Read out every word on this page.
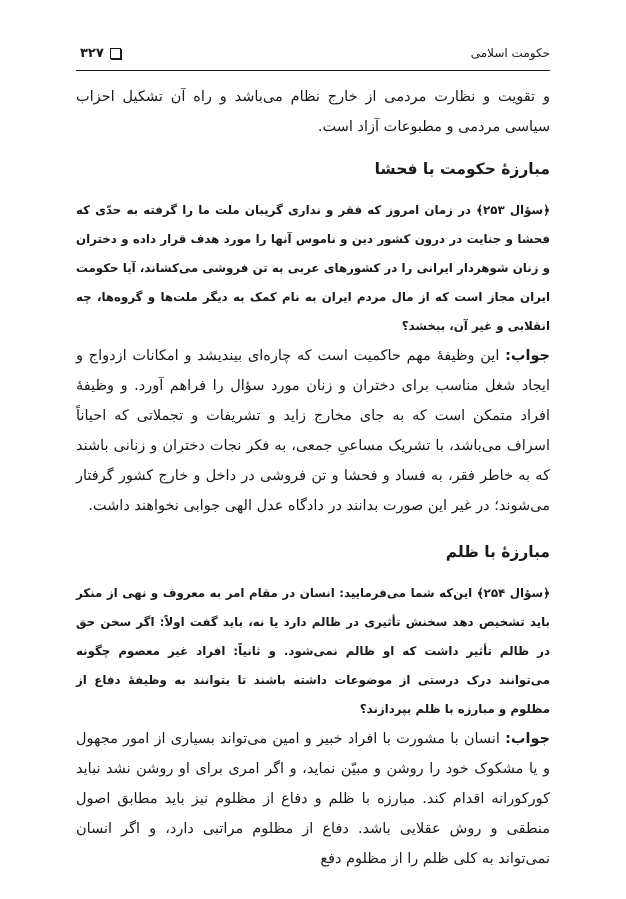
حکومت اسلامی
۳۲۷

و تقویت و نظارت مردمی از خارج نظام می‌باشد و راه آن تشکیل احزاب سیاسی مردمی و مطبوعات آزاد است.

مبارزهٔ حکومت با فحشا

﴿سؤال ۲۵۳﴾ در زمان امروز که فقر و نداری گریبان ملت ما را گرفته به حدّی که فحشا و جنایت در درون کشور دین و ناموس آنها را مورد هدف قرار داده و دختران و زنان شوهردار ایرانی را در کشورهای عربی به تن فروشی می‌کشاند، آیا حکومت ایران مجاز است که از مال مردم ایران به نام کمک به دیگر ملت‌ها و گروه‌ها، چه انقلابی و غیر آن، ببخشد؟

جواب: این وظیفهٔ مهم حاکمیت است که چاره‌ای بیندیشد و امکانات ازدواج و ایجاد شغل مناسب برای دختران و زنان مورد سؤال را فراهم آورد. و وظیفهٔ افراد متمکن است که به جای مخارج زاید و تشریفات و تجملاتی که احیاناً اسراف می‌باشد، با تشریک مساعیِ جمعی، به فکر نجات دختران و زنانی باشند که به خاطر فقر، به فساد و فحشا و تن فروشی در داخل و خارج کشور گرفتار می‌شوند؛ در غیر این صورت بدانند در دادگاه عدل الهی جوابی نخواهند داشت.

مبارزهٔ با ظلم

﴿سؤال ۲۵۴﴾ این‌که شما می‌فرمایید: انسان در مقام امر به معروف و نهی از منکر باید تشخیص دهد سخنش تأثیری در ظالم دارد یا نه، باید گفت اولاً: اگر سخن حق در ظالم تأثیر داشت که او ظالم نمی‌شود. و ثانیاً: افراد غیر معصوم چگونه می‌توانند درک درستی از موضوعات داشته باشند تا بتوانند به وظیفهٔ دفاع از مظلوم و مبارزه با ظلم بپردازند؟

جواب: انسان با مشورت با افراد خبیر و امین می‌تواند بسیاری از امور مجهول و یا مشکوک خود را روشن و مبیّن نماید، و اگر امری برای او روشن نشد نباید کورکورانه اقدام کند. مبارزه با ظلم و دفاع از مظلوم نیز باید مطابق اصول منطقی و روش عقلایی باشد. دفاع از مظلوم مراتبی دارد، و اگر انسان نمی‌تواند به کلی ظلم را از مظلوم دفع
